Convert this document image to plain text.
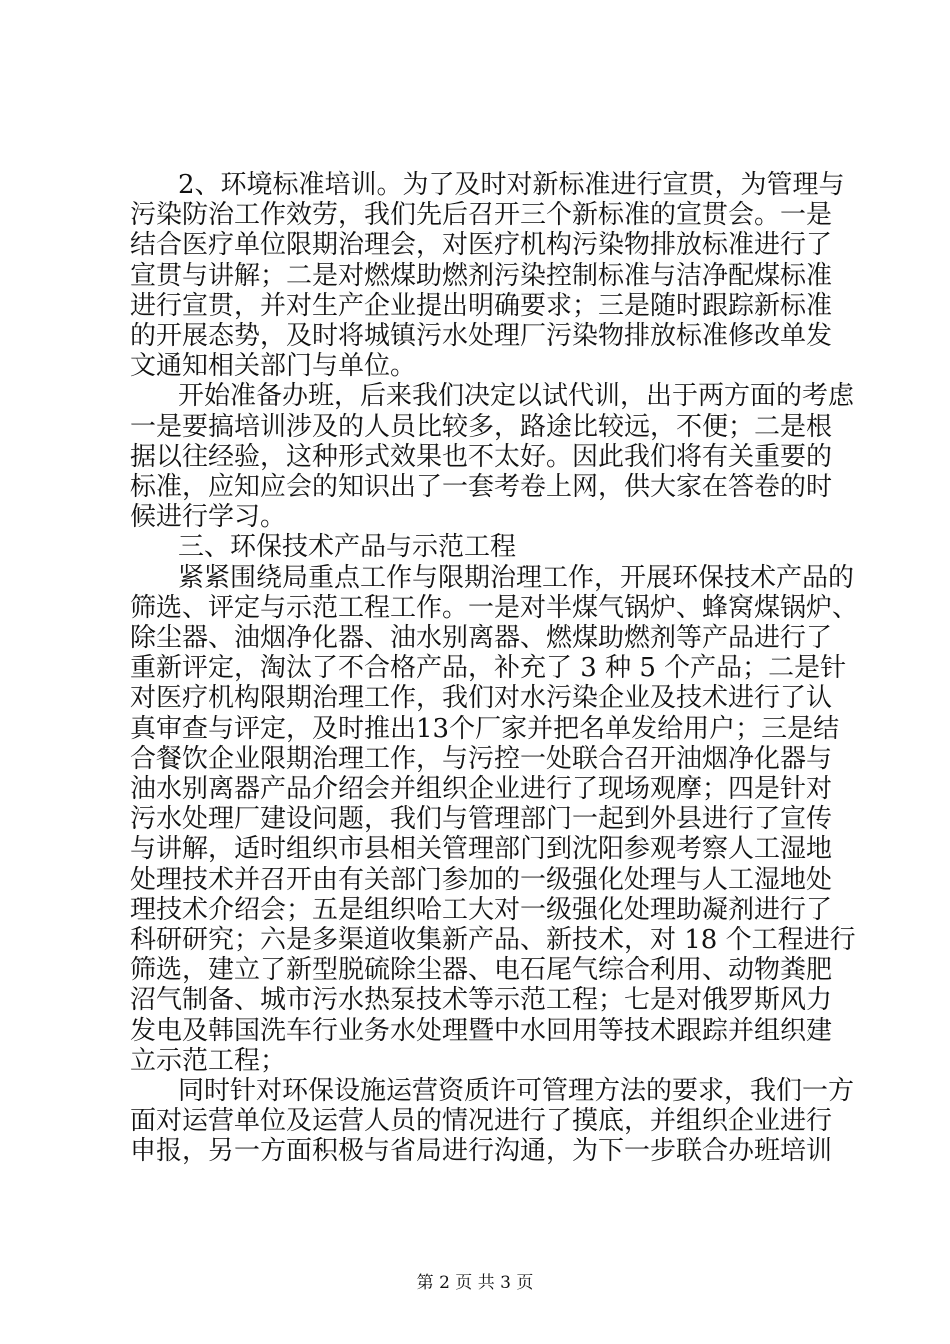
2、环境标准培训。为了及时对新标准进行宣贯，为管理与
污染防治工作效劳，我们先后召开三个新标准的宣贯会。一是
结合医疗单位限期治理会，对医疗机构污染物排放标准进行了
宣贯与讲解；二是对燃煤助燃剂污染控制标准与洁净配煤标准
进行宣贯，并对生产企业提出明确要求；三是随时跟踪新标准
的开展态势，及时将城镇污水处理厂污染物排放标准修改单发
文通知相关部门与单位。
开始准备办班，后来我们决定以试代训，出于两方面的考虑
一是要搞培训涉及的人员比较多，路途比较远，不便；二是根
据以往经验，这种形式效果也不太好。因此我们将有关重要的
标准，应知应会的知识出了一套考卷上网，供大家在答卷的时
候进行学习。
三、环保技术产品与示范工程
紧紧围绕局重点工作与限期治理工作，开展环保技术产品的
筛选、评定与示范工程工作。一是对半煤气锅炉、蜂窝煤锅炉、
除尘器、油烟净化器、油水别离器、燃煤助燃剂等产品进行了
重新评定，淘汰了不合格产品，补充了 3 种 5 个产品；二是针
对医疗机构限期治理工作，我们对水污染企业及技术进行了认
真审查与评定，及时推出13个厂家并把名单发给用户；三是结
合餐饮企业限期治理工作，与污控一处联合召开油烟净化器与
油水别离器产品介绍会并组织企业进行了现场观摩；四是针对
污水处理厂建设问题，我们与管理部门一起到外县进行了宣传
与讲解，适时组织市县相关管理部门到沈阳参观考察人工湿地
处理技术并召开由有关部门参加的一级强化处理与人工湿地处
理技术介绍会；五是组织哈工大对一级强化处理助凝剂进行了
科研研究；六是多渠道收集新产品、新技术，对 18 个工程进行
筛选，建立了新型脱硫除尘器、电石尾气综合利用、动物粪肥
沼气制备、城市污水热泵技术等示范工程；七是对俄罗斯风力
发电及韩国洗车行业务水处理暨中水回用等技术跟踪并组织建
立示范工程；
第 2 页 共 3 页
同时针对环保设施运营资质许可管理方法的要求，我们一方
面对运营单位及运营人员的情况进行了摸底，并组织企业进行
申报，另一方面积极与省局进行沟通，为下一步联合办班培训
